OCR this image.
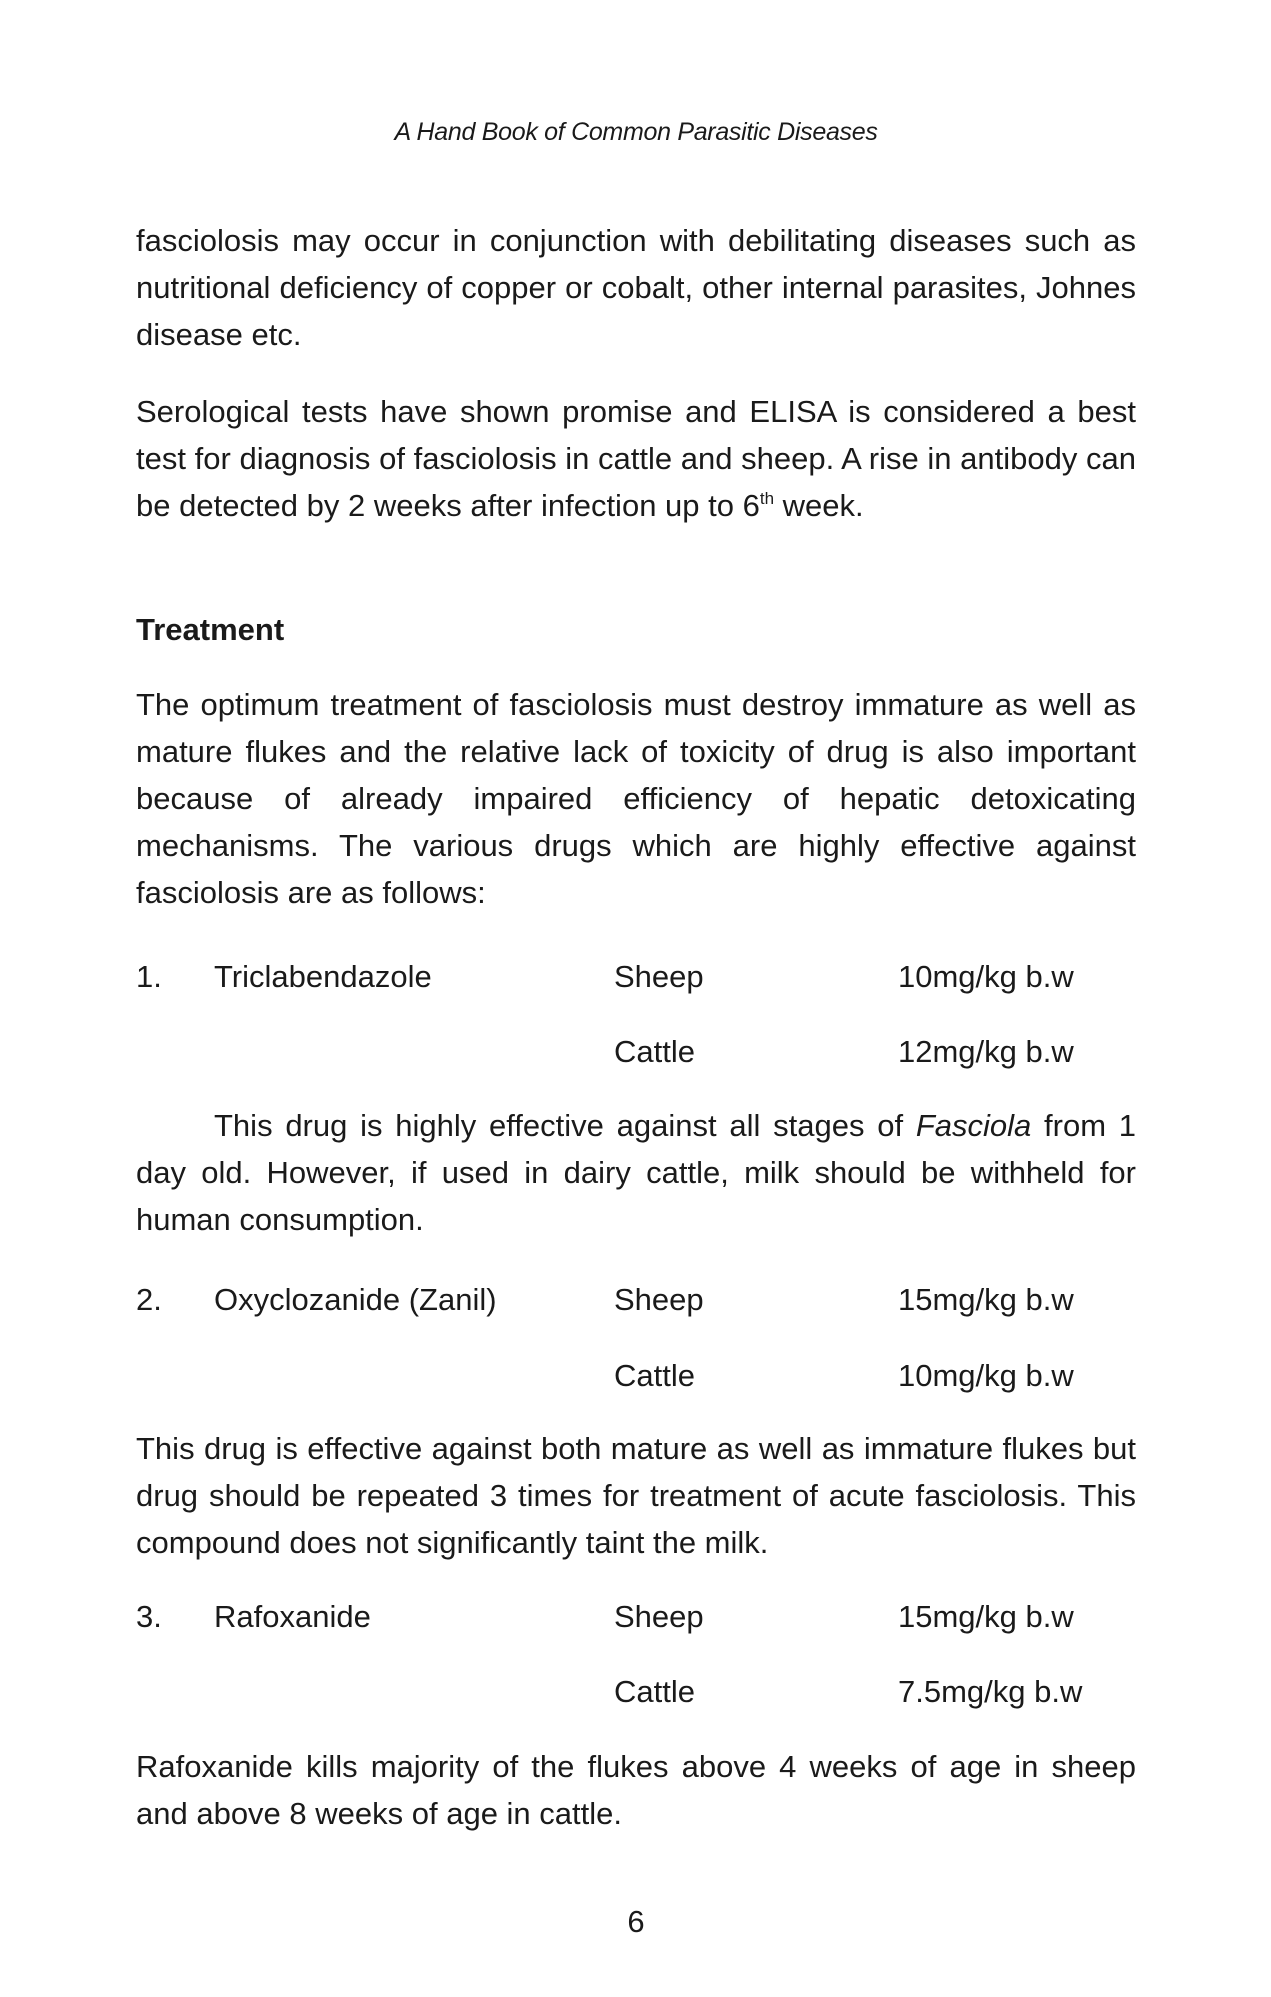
A Hand Book of Common Parasitic Diseases

fasciolosis may occur in conjunction with debilitating diseases such as nutritional deficiency of copper or cobalt, other internal parasites, Johnes disease etc.

Serological tests have shown promise and ELISA is considered a best test for diagnosis of fasciolosis in cattle and sheep. A rise in antibody can be detected by 2 weeks after infection up to 6th week.

Treatment

The optimum treatment of fasciolosis must destroy immature as well as mature flukes and the relative lack of toxicity of drug is also important because of already impaired efficiency of hepatic detoxicating mechanisms. The various drugs which are highly effective against fasciolosis are as follows:

1. Triclabendazole	Sheep	10mg/kg b.w
Cattle	12mg/kg b.w

This drug is highly effective against all stages of Fasciola from 1 day old. However, if used in dairy cattle, milk should be withheld for human consumption.

2. Oxyclozanide (Zanil)	Sheep	15mg/kg b.w
Cattle	10mg/kg b.w

This drug is effective against both mature as well as immature flukes but drug should be repeated 3 times for treatment of acute fasciolosis. This compound does not significantly taint the milk.

3. Rafoxanide	Sheep	15mg/kg b.w
Cattle	7.5mg/kg b.w

Rafoxanide kills majority of the flukes above 4 weeks of age in sheep and above 8 weeks of age in cattle.

6
